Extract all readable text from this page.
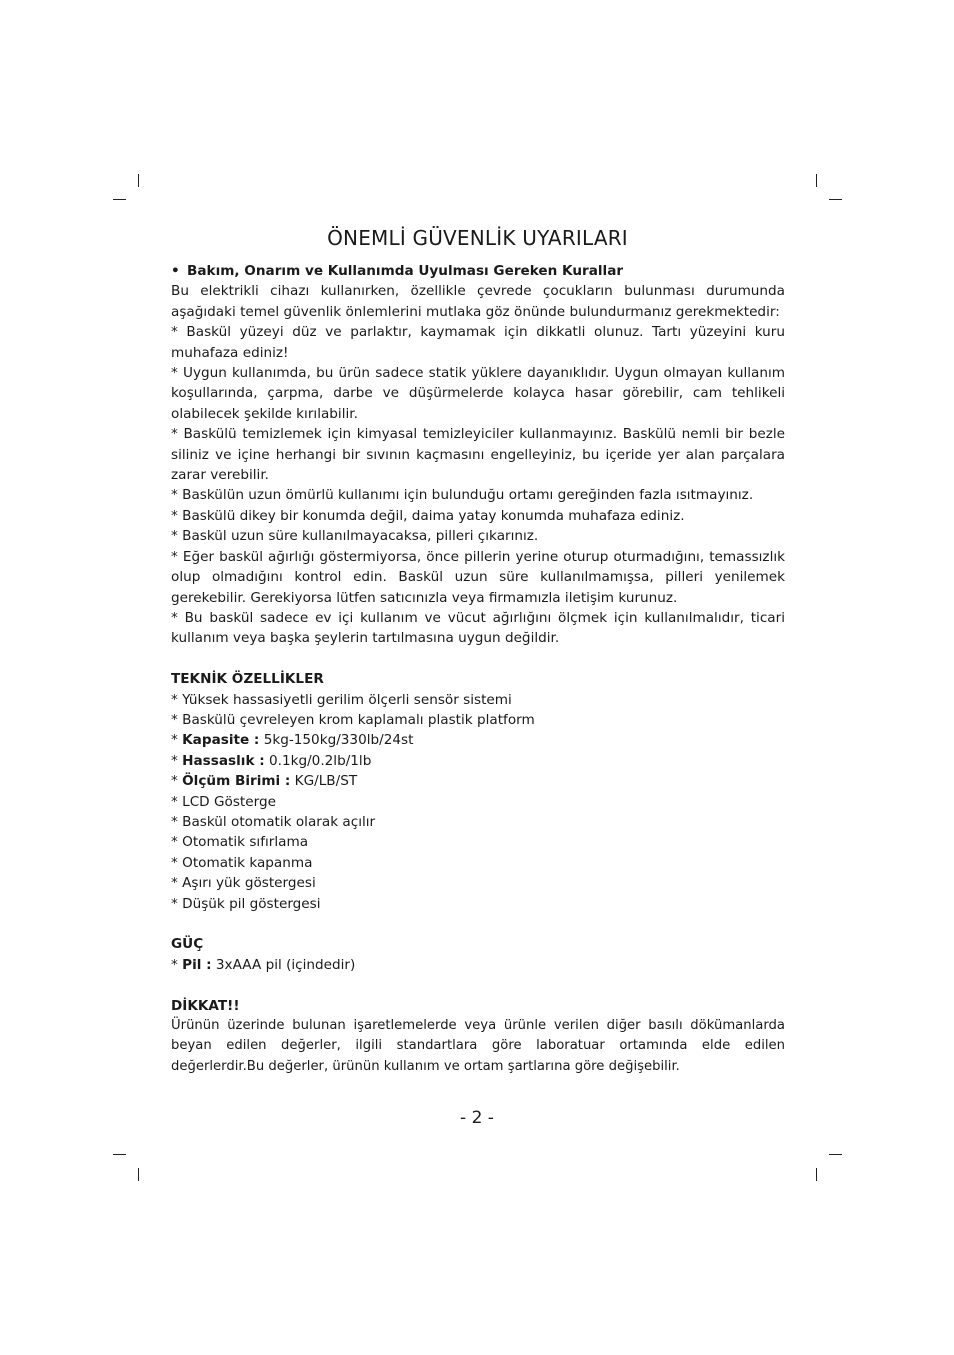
ÖNEMLİ GÜVENLİK UYARILARI

• Bakım, Onarım ve Kullanımda Uyulması Gereken Kurallar

Bu elektrikli cihazı kullanırken, özellikle çevrede çocukların bulunması durumunda aşağıdaki temel güvenlik önlemlerini mutlaka göz önünde bulundurmanız gerekmektedir:

* Baskül yüzeyi düz ve parlaktır, kaymamak için dikkatli olunuz. Tartı yüzeyini kuru muhafaza ediniz!

* Uygun kullanımda, bu ürün sadece statik yüklere dayanıklıdır. Uygun olmayan kullanım koşullarında, çarpma, darbe ve düşürmelerde kolayca hasar görebilir, cam tehlikeli olabilecek şekilde kırılabilir.

* Baskülü temizlemek için kimyasal temizleyiciler kullanmayınız. Baskülü nemli bir bezle siliniz ve içine herhangi bir sıvının kaçmasını engelleyiniz, bu içeride yer alan parçalara zarar verebilir.

* Baskülün uzun ömürlü kullanımı için bulunduğu ortamı gereğinden fazla ısıtmayınız.

* Baskülü dikey bir konumda değil, daima yatay konumda muhafaza ediniz.

* Baskül uzun süre kullanılmayacaksa, pilleri çıkarınız.

* Eğer baskül ağırlığı göstermiyorsa, önce pillerin yerine oturup oturmadığını, temassızlık olup olmadığını kontrol edin. Baskül uzun süre kullanılmamışsa, pilleri yenilemek gerekebilir. Gerekiyorsa lütfen satıcınızla veya firmamızla iletişim kurunuz.

* Bu baskül sadece ev içi kullanım ve vücut ağırlığını ölçmek için kullanılmalıdır, ticari kullanım veya başka şeylerin tartılmasına uygun değildir.

TEKNİK ÖZELLİKLER

* Yüksek hassasiyetli gerilim ölçerli sensör sistemi

* Baskülü çevreleyen krom kaplamalı plastik platform

* Kapasite : 5kg-150kg/330lb/24st

* Hassaslık : 0.1kg/0.2lb/1lb

* Ölçüm Birimi : KG/LB/ST

* LCD Gösterge

* Baskül otomatik olarak açılır

* Otomatik sıfırlama

* Otomatik kapanma

* Aşırı yük göstergesi

* Düşük pil göstergesi

GÜÇ

* Pil : 3xAAA pil (içindedir)

DİKKAT!!

Ürünün üzerinde bulunan işaretlemelerde veya ürünle verilen diğer basılı dökümanlarda beyan edilen değerler, ilgili standartlara göre laboratuar ortamında elde edilen değerlerdir.Bu değerler, ürünün kullanım ve ortam şartlarına göre değişebilir.

- 2 -
